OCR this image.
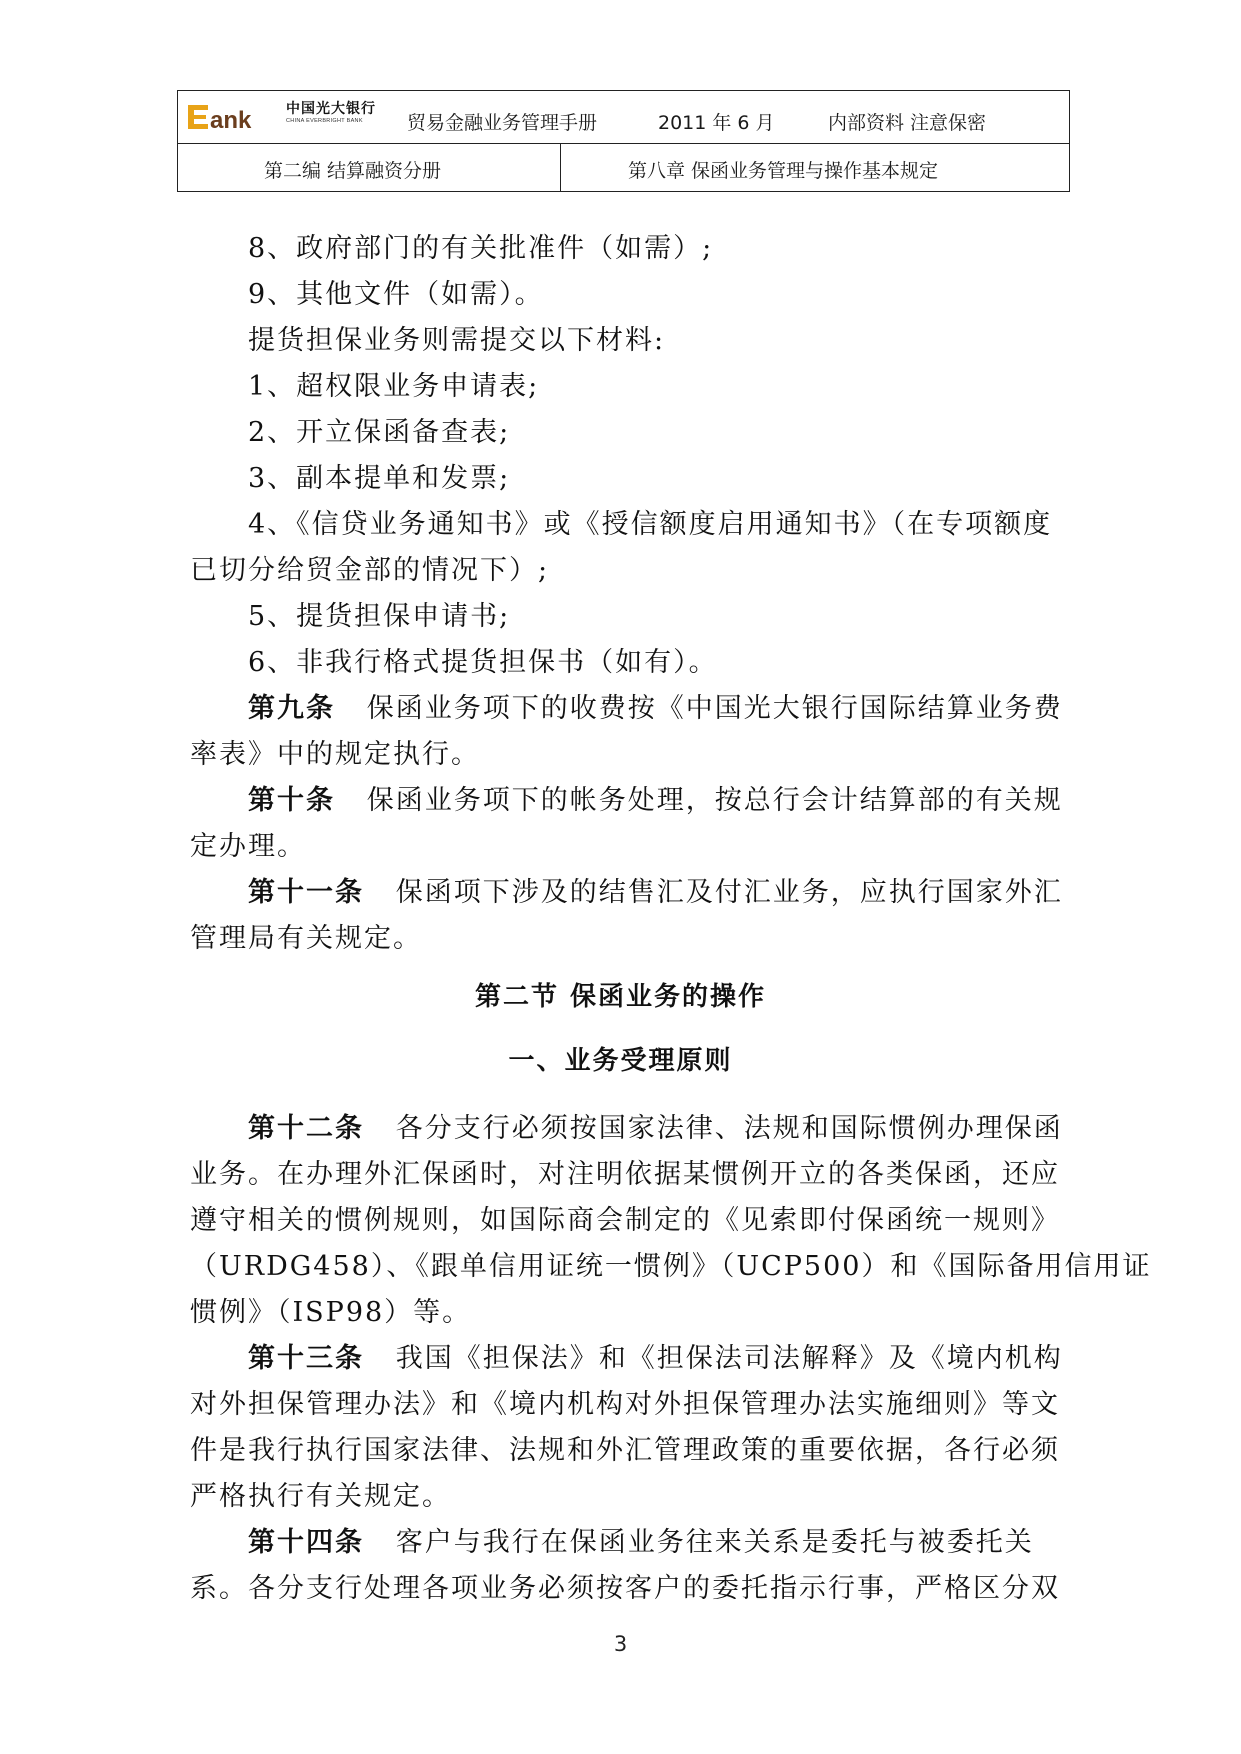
ank 中国光大银行
CHINA EVERBRIGHT BANK	贸易金融业务管理手册	2011 年 6 月	内部资料 注意保密
第二编 结算融资分册	第八章 保函业务管理与操作基本规定
8、政府部门的有关批准件（如需）;
9、其他文件（如需）。
提货担保业务则需提交以下材料:
1、超权限业务申请表;
2、开立保函备查表;
3、副本提单和发票;
4、《信贷业务通知书》或《授信额度启用通知书》（在专项额度
已切分给贸金部的情况下）;
5、提货担保申请书;
6、非我行格式提货担保书（如有）。
第九条 保函业务项下的收费按《中国光大银行国际结算业务费
率表》中的规定执行。
第十条 保函业务项下的帐务处理，按总行会计结算部的有关规
定办理。
第十一条 保函项下涉及的结售汇及付汇业务，应执行国家外汇
管理局有关规定。
第二节 保函业务的操作
一、业务受理原则
第十二条 各分支行必须按国家法律、法规和国际惯例办理保函
业务。在办理外汇保函时，对注明依据某惯例开立的各类保函，还应
遵守相关的惯例规则，如国际商会制定的《见索即付保函统一规则》
（URDG458）、《跟单信用证统一惯例》（UCP500）和《国际备用信用证
惯例》（ISP98）等。
第十三条 我国《担保法》和《担保法司法解释》及《境内机构
对外担保管理办法》和《境内机构对外担保管理办法实施细则》等文
件是我行执行国家法律、法规和外汇管理政策的重要依据，各行必须
严格执行有关规定。
第十四条 客户与我行在保函业务往来关系是委托与被委托关
系。各分支行处理各项业务必须按客户的委托指示行事，严格区分双
3
